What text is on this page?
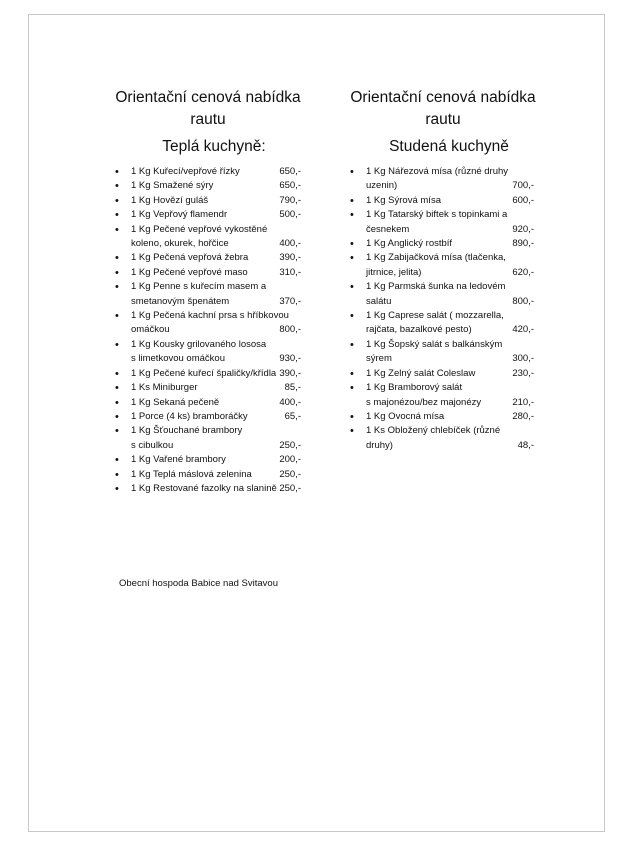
Orientační cenová nabídka
rautu
Teplá kuchyně:
• 1 Kg Kuřecí/vepřové řízky	650,-
• 1 Kg Smažené sýry	650,-
• 1 Kg Hovězí guláš	790,-
• 1 Kg Vepřový flamendr	500,-
• 1 Kg Pečené vepřové vykostěné
koleno, okurek, hořčice	400,-
• 1 Kg Pečená vepřová žebra	390,-
• 1 Kg Pečené vepřové maso	310,-
• 1 Kg Penne s kuřecím masem a
smetanovým špenátem	370,-
• 1 Kg Pečená kachní prsa s hříbkovou
omáčkou	800,-
• 1 Kg Kousky grilovaného lososa
s limetkovou omáčkou	930,-
• 1 Kg Pečené kuřecí špaličky/křídla 390,-
• 1 Ks Miniburger	85,-
• 1 Kg Sekaná pečeně	400,-
• 1 Porce (4 ks) bramboráčky	65,-
• 1 Kg Šťouchané brambory
s cibulkou	250,-
• 1 Kg Vařené brambory	200,-
• 1 Kg Teplá máslová zelenina	250,-
• 1 Kg Restované fazolky na slanině 250,-
Orientační cenová nabídka
rautu
Studená kuchyně
• 1 Kg Nářezová mísa (různé druhy
uzenin)	700,-
• 1 Kg Sýrová mísa	600,-
• 1 Kg Tatarský biftek s topinkami a
česnekem	920,-
• 1 Kg Anglický rostbíf	890,-
• 1 Kg Zabijačková mísa (tlačenka,
jitrnice, jelita)	620,-
• 1 Kg Parmská šunka na ledovém
salátu	800,-
• 1 Kg Caprese salát ( mozzarella,
rajčata, bazalkové pesto)	420,-
• 1 Kg Šopský salát s balkánským
sýrem	300,-
• 1 Kg Zelný salát Coleslaw	230,-
• 1 Kg Bramborový salát
s majonézou/bez majonézy	210,-
• 1 Kg Ovocná mísa	280,-
• 1 Ks Obložený chlebíček (různé
druhy)	48,-
Obecní hospoda Babice nad Svitavou
